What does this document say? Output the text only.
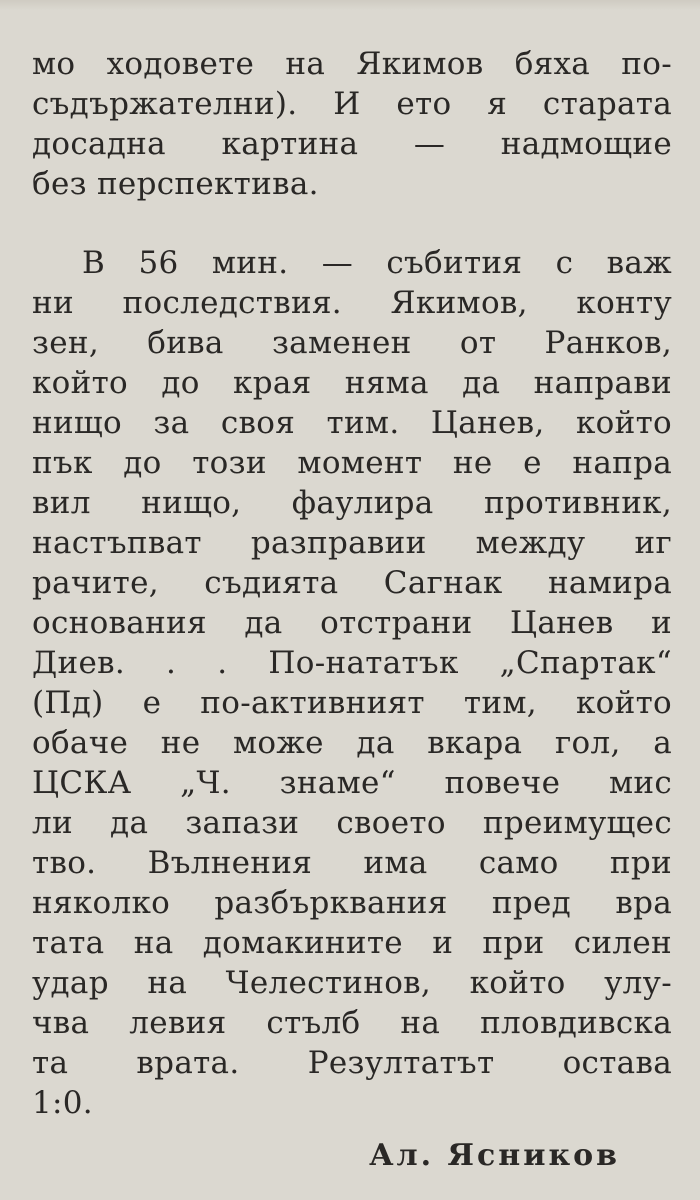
мо ходовете на Якимов бяха по-
съдържателни). И ето я старата
досадна картина — надмощие
без перспектива.
В 56 мин. — събития с важ
ни последствия. Якимов, конту
зен, бива заменен от Ранков,
който до края няма да направи
нищо за своя тим. Цанев, който
пък до този момент не е напра
вил нищо, фаулира противник,
настъпват разправии между иг
рачите, съдията Сагнак намира
основания да отстрани Цанев и
Диев. . . По-нататък „Спартак“
(Пд) е по-активният тим, който
обаче не може да вкара гол, а
ЦСКА „Ч. знаме“ повече мис
ли да запази своето преимущес
тво. Вълнения има само при
няколко разбърквания пред вра
тата на домакините и при силен
удар на Челестинов, който улу-
чва левия стълб на пловдивска
та врата. Резултатът остава
1:0.
Ал. Ясников
